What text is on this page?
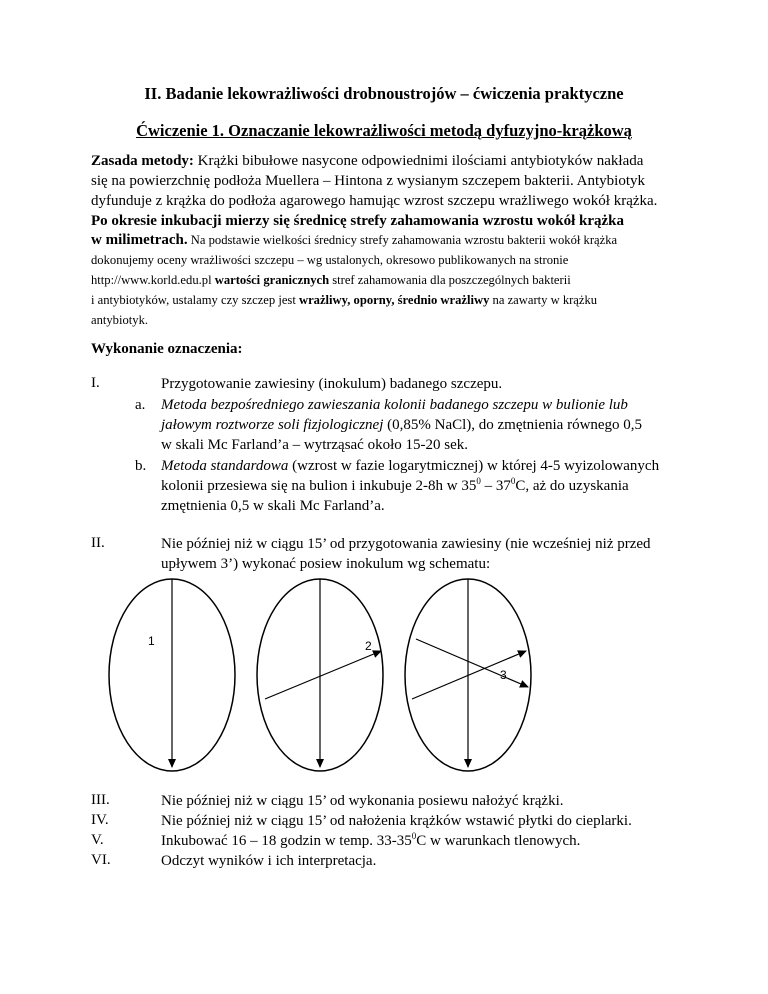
II. Badanie lekowrażliwości drobnoustrojów – ćwiczenia praktyczne
Ćwiczenie 1. Oznaczanie lekowrażliwości metodą dyfuzyjno-krążkową
Zasada metody: Krążki bibułowe nasycone odpowiednimi ilościami antybiotyków nakłada
się na powierzchnię podłoża Muellera – Hintona z wysianym szczepem bakterii. Antybiotyk
dyfunduje z krążka do podłoża agarowego hamując wzrost szczepu wrażliwego wokół krążka.
Po okresie inkubacji mierzy się średnicę strefy zahamowania wzrostu wokół krążka
w milimetrach. Na podstawie wielkości średnicy strefy zahamowania wzrostu bakterii wokół krążka
dokonujemy oceny wrażliwości szczepu – wg ustalonych, okresowo publikowanych na stronie
http://www.korld.edu.pl wartości granicznych stref zahamowania dla poszczególnych bakterii
i antybiotyków, ustalamy czy szczep jest wrażliwy, oporny, średnio wrażliwy na zawarty w krążku
antybiotyk.
Wykonanie oznaczenia:
I.	Przygotowanie zawiesiny (inokulum) badanego szczepu.
a. Metoda bezpośredniego zawieszania kolonii badanego szczepu w bulionie lub
jałowym roztworze soli fizjologicznej (0,85% NaCl), do zmętnienia równego 0,5
w skali Mc Farland’a – wytrząsać około 15-20 sek.
b. Metoda standardowa (wzrost w fazie logarytmicznej) w której 4-5 wyizolowanych
kolonii przesiewa się na bulion i inkubuje 2-8h w $35^0 - 37^0C$, aż do uzyskania
zmętnienia 0,5 w skali Mc Farland’a.
II.	Nie później niż w ciągu 15’ od przygotowania zawiesiny (nie wcześniej niż przed
upływem 3’) wykonać posiew inokulum wg schematu:
1	2
3
III.	Nie później niż w ciągu 15’ od wykonania posiewu nałożyć krążki.
IV.	Nie później niż w ciągu 15’ od nałożenia krążków wstawić płytki do cieplarki.
V.	Inkubować 16 – 18 godzin w temp. $33-35^0C$ w warunkach tlenowych.
VI.	Odczyt wyników i ich interpretacja.
